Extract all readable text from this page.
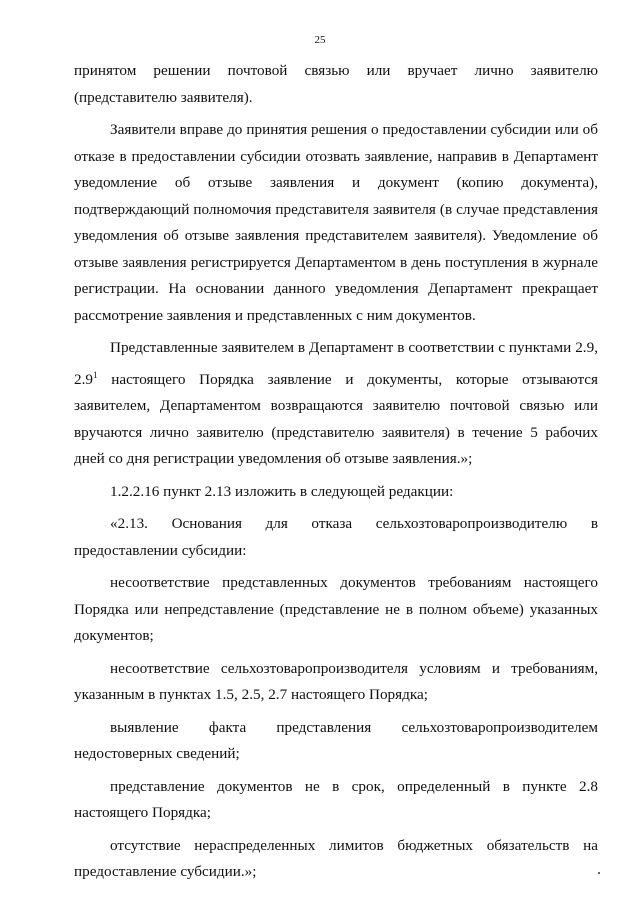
25

принятом решении почтовой связью или вручает лично заявителю (представителю заявителя).

Заявители вправе до принятия решения о предоставлении субсидии или об отказе в предоставлении субсидии отозвать заявление, направив в Департамент уведомление об отзыве заявления и документ (копию документа), подтверждающий полномочия представителя заявителя (в случае представления уведомления об отзыве заявления представителем заявителя). Уведомление об отзыве заявления регистрируется Департаментом в день поступления в журнале регистрации. На основании данного уведомления Департамент прекращает рассмотрение заявления и представленных с ним документов.

Представленные заявителем в Департамент в соответствии с пунктами 2.9, $2.9^1$ настоящего Порядка заявление и документы, которые отзываются заявителем, Департаментом возвращаются заявителю почтовой связью или вручаются лично заявителю (представителю заявителя) в течение 5 рабочих дней со дня регистрации уведомления об отзыве заявления.»;

1.2.2.16 пункт 2.13 изложить в следующей редакции:

«2.13. Основания для отказа сельхозтоваропроизводителю в предоставлении субсидии:

несоответствие представленных документов требованиям настоящего Порядка или непредставление (представление не в полном объеме) указанных документов;

несоответствие сельхозтоваропроизводителя условиям и требованиям, указанным в пунктах 1.5, 2.5, 2.7 настоящего Порядка;

выявление факта представления сельхозтоваропроизводителем недостоверных сведений;

представление документов не в срок, определенный в пункте 2.8 настоящего Порядка;

отсутствие нераспределенных лимитов бюджетных обязательств на предоставление субсидии.»;
